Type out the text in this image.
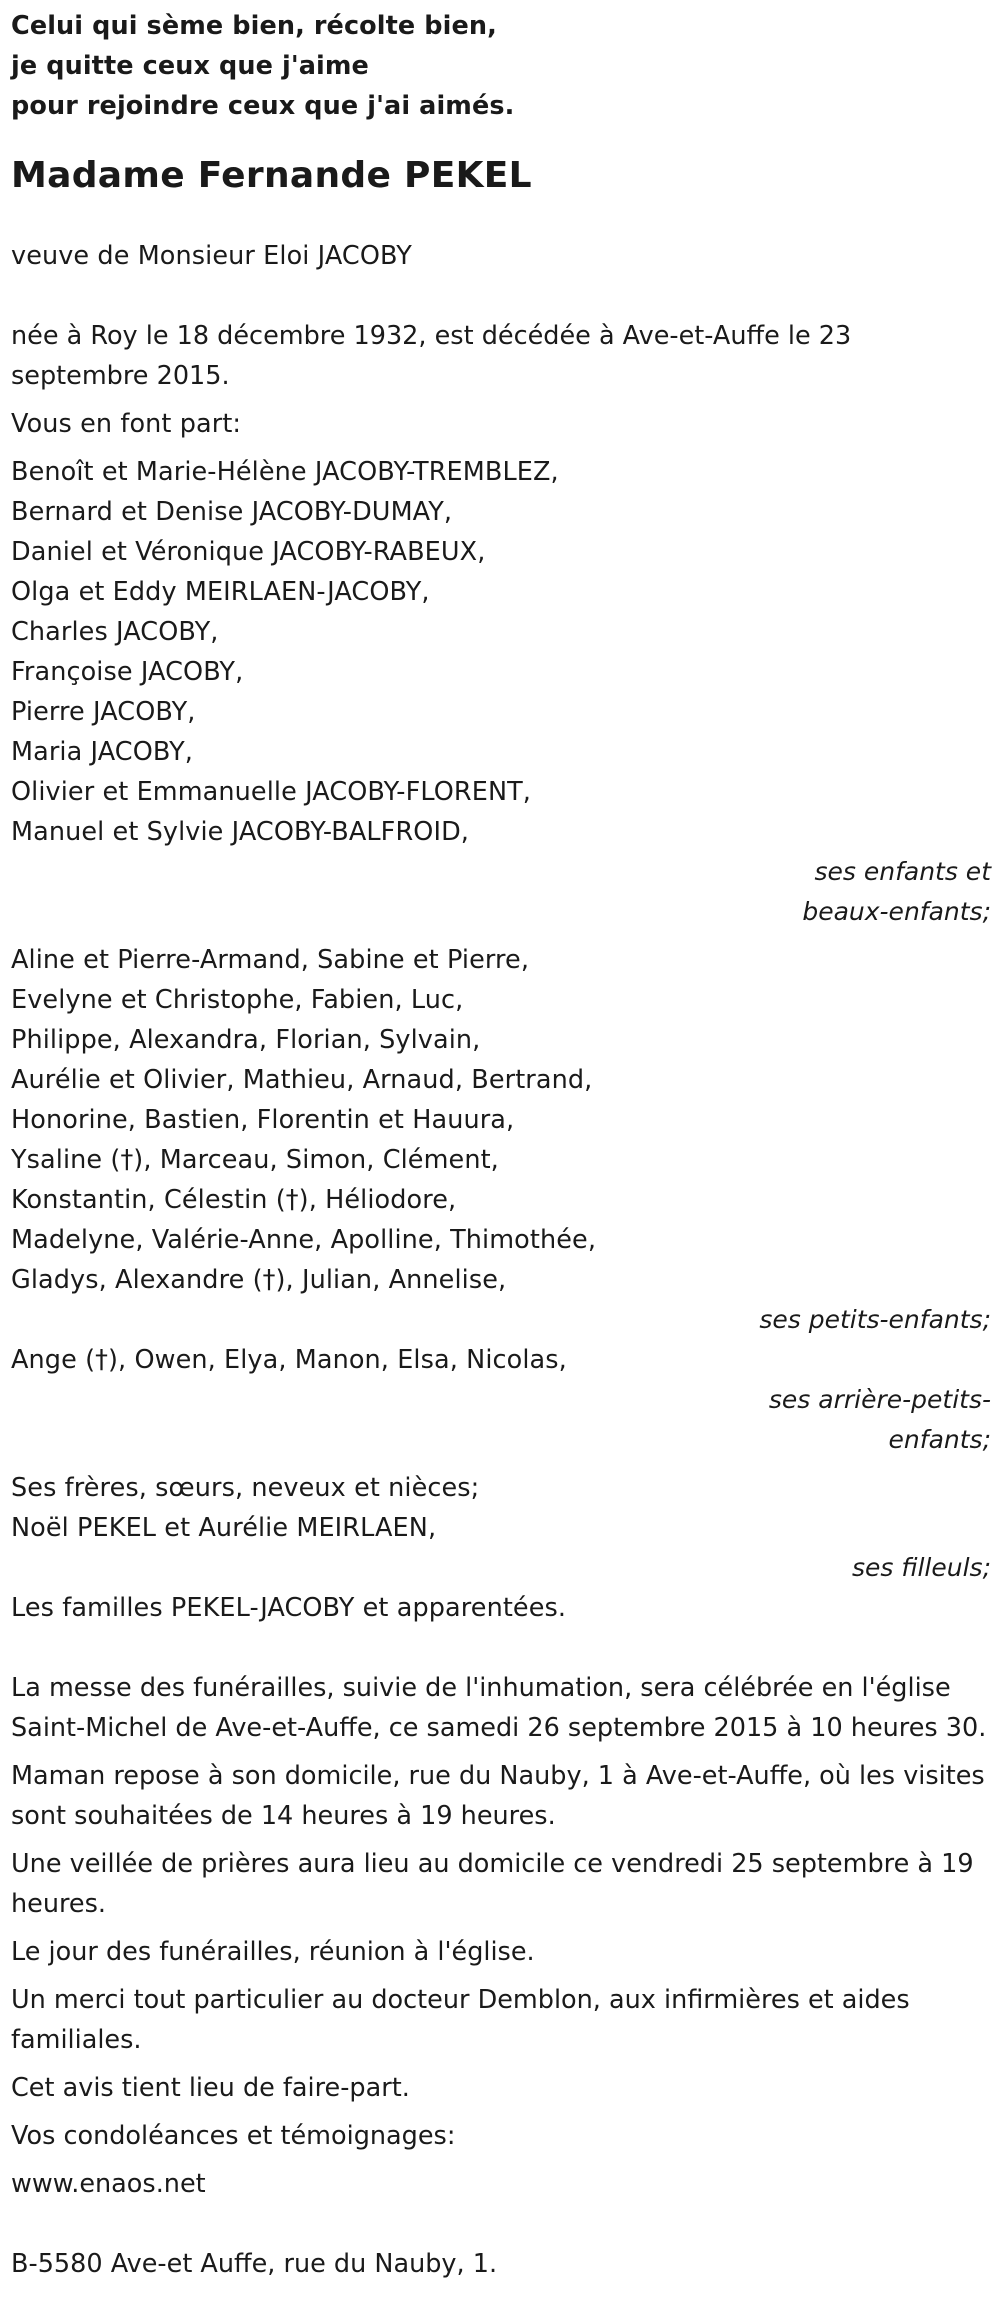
Celui qui sème bien, récolte bien,
je quitte ceux que j'aime
pour rejoindre ceux que j'ai aimés.
Madame Fernande PEKEL
veuve de Monsieur Eloi JACOBY
née à Roy le 18 décembre 1932, est décédée à Ave-et-Auffe le 23 septembre 2015.
Vous en font part:
Benoît et Marie-Hélène JACOBY-TREMBLEZ,
Bernard et Denise JACOBY-DUMAY,
Daniel et Véronique JACOBY-RABEUX,
Olga et Eddy MEIRLAEN-JACOBY,
Charles JACOBY,
Françoise JACOBY,
Pierre JACOBY,
Maria JACOBY,
Olivier et Emmanuelle JACOBY-FLORENT,
Manuel et Sylvie JACOBY-BALFROID,
ses enfants et
beaux-enfants;
Aline et Pierre-Armand, Sabine et Pierre,
Evelyne et Christophe, Fabien, Luc,
Philippe, Alexandra, Florian, Sylvain,
Aurélie et Olivier, Mathieu, Arnaud, Bertrand,
Honorine, Bastien, Florentin et Hauura,
Ysaline (†), Marceau, Simon, Clément,
Konstantin, Célestin (†), Héliodore,
Madelyne, Valérie-Anne, Apolline, Thimothée,
Gladys, Alexandre (†), Julian, Annelise,
ses petits-enfants;
Ange (†), Owen, Elya, Manon, Elsa, Nicolas,
ses arrière-petits-
enfants;
Ses frères, sœurs, neveux et nièces;
Noël PEKEL et Aurélie MEIRLAEN,
ses filleuls;
Les familles PEKEL-JACOBY et apparentées.
La messe des funérailles, suivie de l'inhumation, sera célébrée en l'église Saint-Michel de Ave-et-Auffe, ce samedi 26 septembre 2015 à 10 heures 30.
Maman repose à son domicile, rue du Nauby, 1 à Ave-et-Auffe, où les visites sont souhaitées de 14 heures à 19 heures.
Une veillée de prières aura lieu au domicile ce vendredi 25 septembre à 19 heures.
Le jour des funérailles, réunion à l'église.
Un merci tout particulier au docteur Demblon, aux infirmières et aides familiales.
Cet avis tient lieu de faire-part.
Vos condoléances et témoignages:
www.enaos.net
B-5580 Ave-et Auffe, rue du Nauby, 1.
